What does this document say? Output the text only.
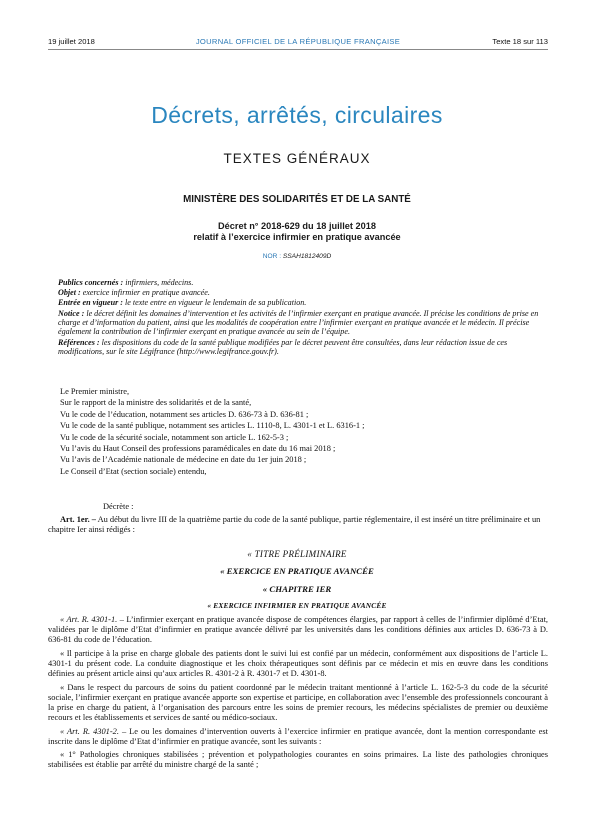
19 juillet 2018	JOURNAL OFFICIEL DE LA RÉPUBLIQUE FRANÇAISE	Texte 18 sur 113
Décrets, arrêtés, circulaires
TEXTES GÉNÉRAUX
MINISTÈRE DES SOLIDARITÉS ET DE LA SANTÉ
Décret n° 2018-629 du 18 juillet 2018
relatif à l’exercice infirmier en pratique avancée
NOR : SSAH1812409D

Publics concernés : infirmiers, médecins.

Objet : exercice infirmier en pratique avancée.

Entrée en vigueur : le texte entre en vigueur le lendemain de sa publication.

Notice : le décret définit les domaines d’intervention et les activités de l’infirmier exerçant en pratique avancée. Il précise les conditions de prise en charge et d’information du patient, ainsi que les modalités de coopération entre l’infirmier exerçant en pratique avancée et le médecin. Il précise également la contribution de l’infirmier exerçant en pratique avancée au sein de l’équipe.

Références : les dispositions du code de la santé publique modifiées par le décret peuvent être consultées, dans leur rédaction issue de ces modifications, sur le site Légifrance (http://www.legifrance.gouv.fr).

Le Premier ministre,
Sur le rapport de la ministre des solidarités et de la santé,
Vu le code de l’éducation, notamment ses articles D. 636-73 à D. 636-81 ;
Vu le code de la santé publique, notamment ses articles L. 1110-8, L. 4301-1 et L. 6316-1 ;
Vu le code de la sécurité sociale, notamment son article L. 162-5-3 ;
Vu l’avis du Haut Conseil des professions paramédicales en date du 16 mai 2018 ;
Vu l’avis de l’Académie nationale de médecine en date du 1er juin 2018 ;
Le Conseil d’Etat (section sociale) entendu,
Décrète :
Art. 1er. – Au début du livre III de la quatrième partie du code de la santé publique, partie réglementaire, il est inséré un titre préliminaire et un chapitre Ier ainsi rédigés :
« TITRE PRÉLIMINAIRE
« EXERCICE EN PRATIQUE AVANCÉE
« CHAPITRE IER
« EXERCICE INFIRMIER EN PRATIQUE AVANCÉE

« Art. R. 4301-1. – L’infirmier exerçant en pratique avancée dispose de compétences élargies, par rapport à celles de l’infirmier diplômé d’Etat, validées par le diplôme d’Etat d’infirmier en pratique avancée délivré par les universités dans les conditions définies aux articles D. 636-73 à D. 636-81 du code de l’éducation.

« Il participe à la prise en charge globale des patients dont le suivi lui est confié par un médecin, conformément aux dispositions de l’article L. 4301-1 du présent code. La conduite diagnostique et les choix thérapeutiques sont définis par ce médecin et mis en œuvre dans les conditions définies au présent article ainsi qu’aux articles R. 4301-2 à R. 4301-7 et D. 4301-8.

« Dans le respect du parcours de soins du patient coordonné par le médecin traitant mentionné à l’article L. 162-5-3 du code de la sécurité sociale, l’infirmier exerçant en pratique avancée apporte son expertise et participe, en collaboration avec l’ensemble des professionnels concourant à la prise en charge du patient, à l’organisation des parcours entre les soins de premier recours, les médecins spécialistes de premier ou deuxième recours et les établissements et services de santé ou médico-sociaux.

« Art. R. 4301-2. – Le ou les domaines d’intervention ouverts à l’exercice infirmier en pratique avancée, dont la mention correspondante est inscrite dans le diplôme d’Etat d’infirmier en pratique avancée, sont les suivants :

« 1° Pathologies chroniques stabilisées ; prévention et polypathologies courantes en soins primaires. La liste des pathologies chroniques stabilisées est établie par arrêté du ministre chargé de la santé ;
